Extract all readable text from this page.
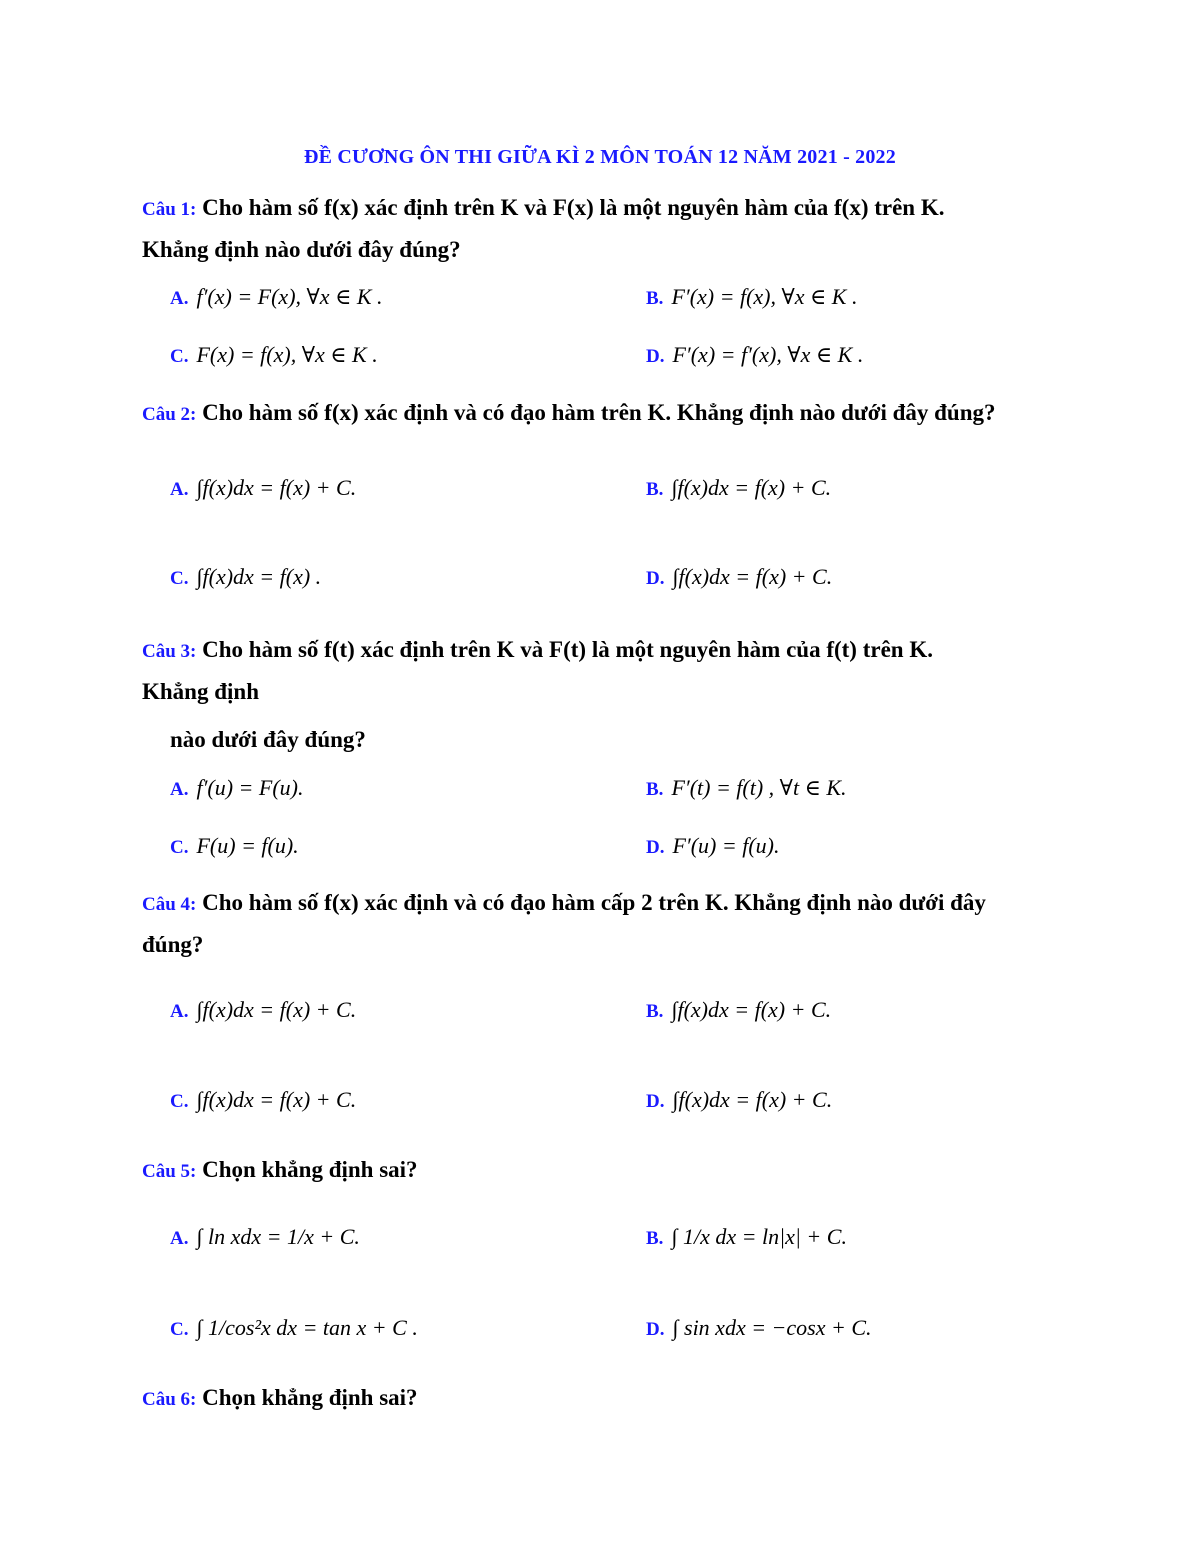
ĐỀ CƯƠNG ÔN THI GIỮA KÌ 2 MÔN TOÁN 12 NĂM 2021 - 2022
Câu 1: Cho hàm số f(x) xác định trên K và F(x) là một nguyên hàm của f(x) trên K.
Khẳng định nào dưới đây đúng?
A. f′(x) = F(x), ∀x ∈ K .	B. F′(x) = f(x), ∀x ∈ K .
C. F(x) = f(x), ∀x ∈ K .	D. F′(x) = f′(x), ∀x ∈ K .
Câu 2: Cho hàm số f(x) xác định và có đạo hàm trên K. Khẳng định nào dưới đây đúng?
A. ∫f(x)dx = f(x) + C.	B. ∫f(x)dx = f(x) + C.
C. ∫f(x)dx = f(x) .	D. ∫f(x)dx = f(x) + C.
Câu 3: Cho hàm số f(t) xác định trên K và F(t) là một nguyên hàm của f(t) trên K.
Khẳng định
nào dưới đây đúng?
A. f′(u) = F(u).	B. F′(t) = f(t) , ∀t ∈ K.
C. F(u) = f(u).	D. F′(u) = f(u).
Câu 4: Cho hàm số f(x) xác định và có đạo hàm cấp 2 trên K. Khẳng định nào dưới đây
đúng?
A. ∫f(x)dx = f(x) + C.	B. ∫f(x)dx = f(x) + C.
C. ∫f(x)dx = f(x) + C.	D. ∫f(x)dx = f(x) + C.
Câu 5: Chọn khẳng định sai?
A. ∫ ln xdx = 1/x + C.	B. ∫ 1/x dx = ln|x| + C.
C. ∫ 1/cos²x dx = tan x + C .	D. ∫ sin xdx = −cosx + C.
Câu 6: Chọn khẳng định sai?
